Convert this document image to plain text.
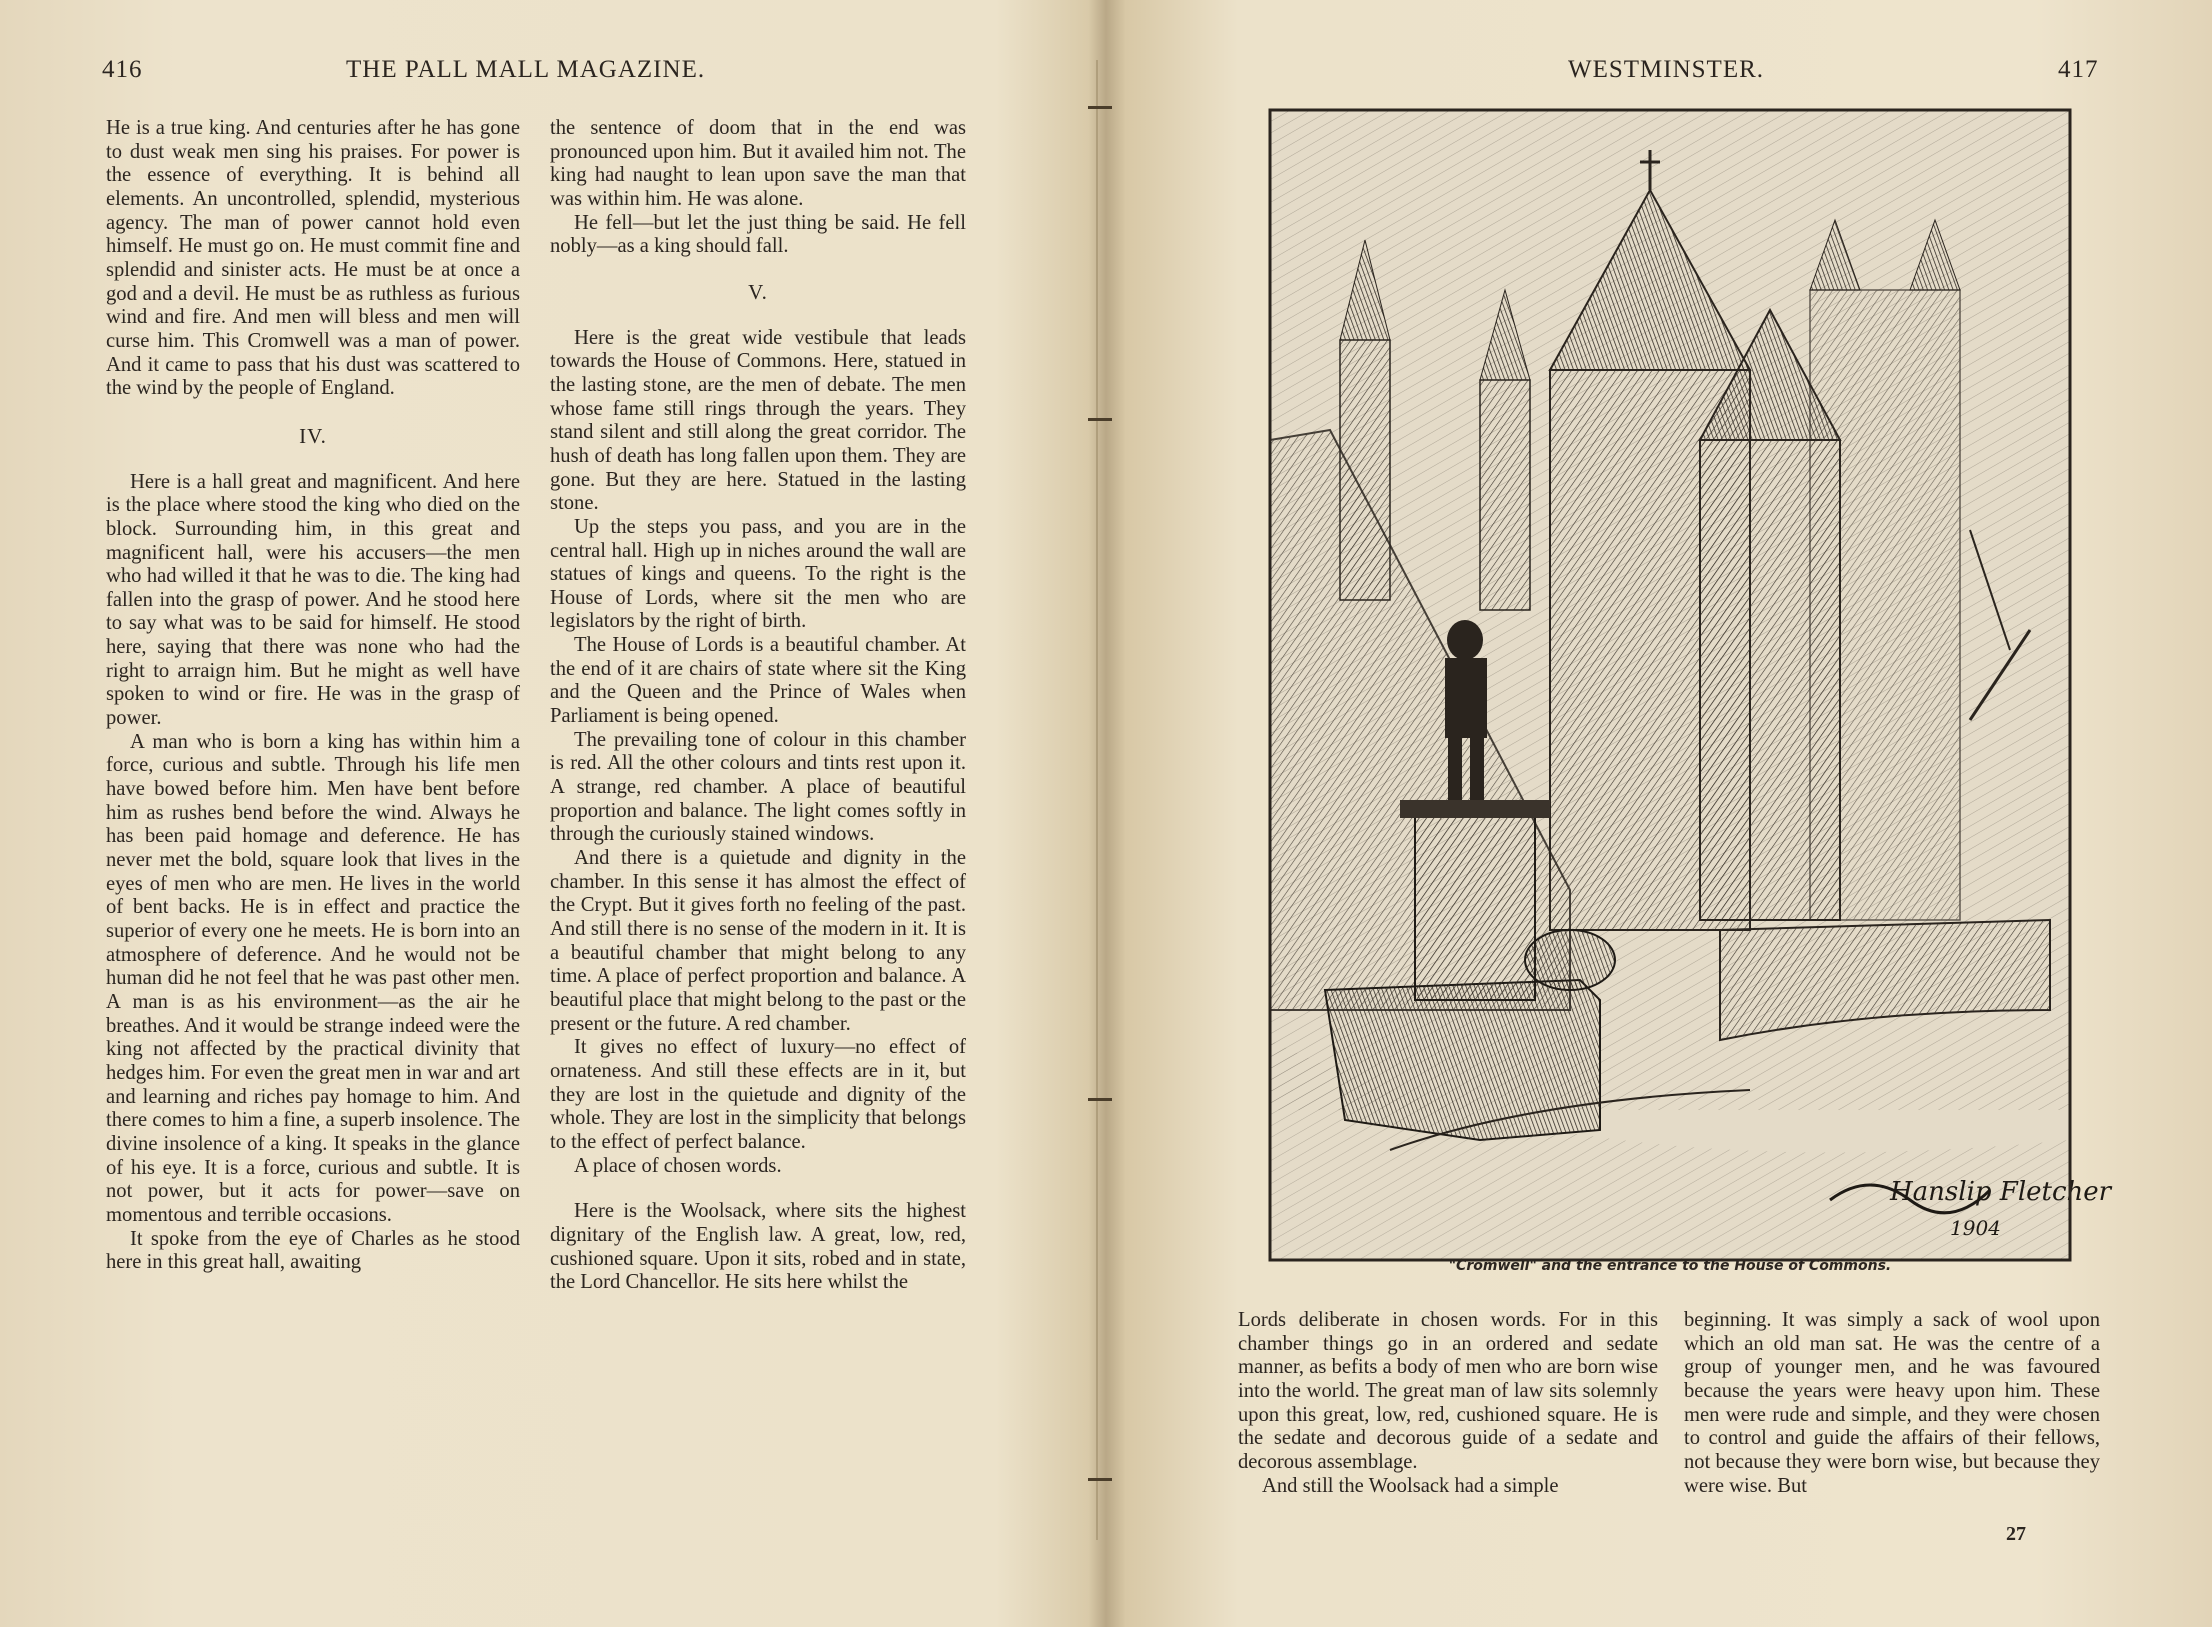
416	THE PALL MALL MAGAZINE.

He is a true king. And centuries after he has gone to dust weak men sing his praises. For power is the essence of everything. It is behind all elements. An uncontrolled, splendid, mysterious agency. The man of power cannot hold even himself. He must go on. He must commit fine and splendid and sinister acts. He must be at once a god and a devil. He must be as ruthless as furious wind and fire. And men will bless and men will curse him. This Cromwell was a man of power. And it came to pass that his dust was scattered to the wind by the people of England.

IV.

Here is a hall great and magnificent. And here is the place where stood the king who died on the block. Surrounding him, in this great and magnificent hall, were his accusers—the men who had willed it that he was to die. The king had fallen into the grasp of power. And he stood here to say what was to be said for himself. He stood here, saying that there was none who had the right to arraign him. But he might as well have spoken to wind or fire. He was in the grasp of power.

A man who is born a king has within him a force, curious and subtle. Through his life men have bowed before him. Men have bent before him as rushes bend before the wind. Always he has been paid homage and deference. He has never met the bold, square look that lives in the eyes of men who are men. He lives in the world of bent backs. He is in effect and practice the superior of every one he meets. He is born into an atmosphere of deference. And he would not be human did he not feel that he was past other men. A man is as his environment—as the air he breathes. And it would be strange indeed were the king not affected by the practical divinity that hedges him. For even the great men in war and art and learning and riches pay homage to him. And there comes to him a fine, a superb insolence. The divine insolence of a king. It speaks in the glance of his eye. It is a force, curious and subtle. It is not power, but it acts for power—save on momentous and terrible occasions.

It spoke from the eye of Charles as he stood here in this great hall, awaiting

the sentence of doom that in the end was pronounced upon him. But it availed him not. The king had naught to lean upon save the man that was within him. He was alone.

He fell—but let the just thing be said. He fell nobly—as a king should fall.

V.

Here is the great wide vestibule that leads towards the House of Commons. Here, statued in the lasting stone, are the men of debate. The men whose fame still rings through the years. They stand silent and still along the great corridor. The hush of death has long fallen upon them. They are gone. But they are here. Statued in the lasting stone.

Up the steps you pass, and you are in the central hall. High up in niches around the wall are statues of kings and queens. To the right is the House of Lords, where sit the men who are legislators by the right of birth.

The House of Lords is a beautiful chamber. At the end of it are chairs of state where sit the King and the Queen and the Prince of Wales when Parliament is being opened.

The prevailing tone of colour in this chamber is red. All the other colours and tints rest upon it. A strange, red chamber. A place of beautiful proportion and balance. The light comes softly in through the curiously stained windows.

And there is a quietude and dignity in the chamber. In this sense it has almost the effect of the Crypt. But it gives forth no feeling of the past. And still there is no sense of the modern in it. It is a beautiful chamber that might belong to any time. A place of perfect proportion and balance. A beautiful place that might belong to the past or the present or the future. A red chamber.

It gives no effect of luxury—no effect of ornateness. And still these effects are in it, but they are lost in the quietude and dignity of the whole. They are lost in the simplicity that belongs to the effect of perfect balance.

A place of chosen words.

Here is the Woolsack, where sits the highest dignitary of the English law. A great, low, red, cushioned square. Upon it sits, robed and in state, the Lord Chancellor. He sits here whilst the

WESTMINSTER.	417
Hanslip Fletcher
1904
"Cromwell" and the entrance to the House of Commons.

Lords deliberate in chosen words. For in this chamber things go in an ordered and sedate manner, as befits a body of men who are born wise into the world. The great man of law sits solemnly upon this great, low, red, cushioned square. He is the sedate and decorous guide of a sedate and decorous assemblage.

And still the Woolsack had a simple

beginning. It was simply a sack of wool upon which an old man sat. He was the centre of a group of younger men, and he was favoured because the years were heavy upon him. These men were rude and simple, and they were chosen to control and guide the affairs of their fellows, not because they were born wise, but because they were wise. But

27
